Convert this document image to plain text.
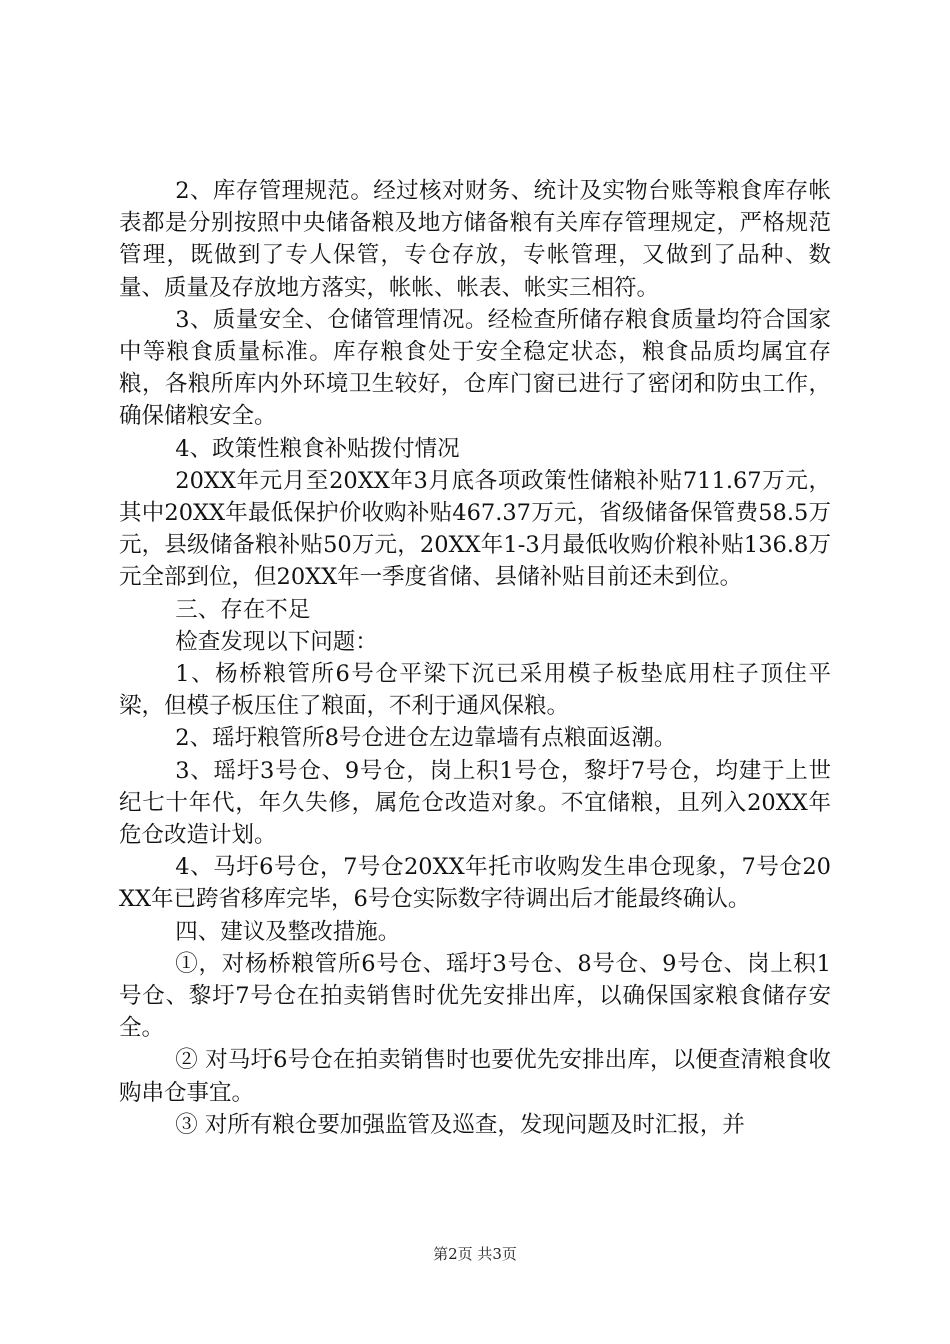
2、库存管理规范。经过核对财务、统计及实物台账等粮食库存帐表都是分别按照中央储备粮及地方储备粮有关库存管理规定，严格规范管理，既做到了专人保管，专仓存放，专帐管理，又做到了品种、数量、质量及存放地方落实，帐帐、帐表、帐实三相符。

3、质量安全、仓储管理情况。经检查所储存粮食质量均符合国家中等粮食质量标准。库存粮食处于安全稳定状态，粮食品质均属宜存粮，各粮所库内外环境卫生较好，仓库门窗已进行了密闭和防虫工作，确保储粮安全。

4、政策性粮食补贴拨付情况

20XX年元月至20XX年3月底各项政策性储粮补贴711.67万元，其中20XX年最低保护价收购补贴467.37万元，省级储备保管费58.5万元，县级储备粮补贴50万元，20XX年1-3月最低收购价粮补贴136.8万元全部到位，但20XX年一季度省储、县储补贴目前还未到位。

三、存在不足

检查发现以下问题：

1、杨桥粮管所6号仓平梁下沉已采用模子板垫底用柱子顶住平梁，但模子板压住了粮面，不利于通风保粮。

2、瑶圩粮管所8号仓进仓左边靠墙有点粮面返潮。

3、瑶圩3号仓、9号仓，岗上积1号仓，黎圩7号仓，均建于上世纪七十年代，年久失修，属危仓改造对象。不宜储粮，且列入20XX年危仓改造计划。

4、马圩6号仓，7号仓20XX年托市收购发生串仓现象，7号仓20XX年已跨省移库完毕，6号仓实际数字待调出后才能最终确认。

四、建议及整改措施。

①，对杨桥粮管所6号仓、瑶圩3号仓、8号仓、9号仓、岗上积1号仓、黎圩7号仓在拍卖销售时优先安排出库，以确保国家粮食储存安全。

② 对马圩6号仓在拍卖销售时也要优先安排出库，以便查清粮食收购串仓事宜。

③ 对所有粮仓要加强监管及巡查，发现问题及时汇报，并

第2页 共3页
